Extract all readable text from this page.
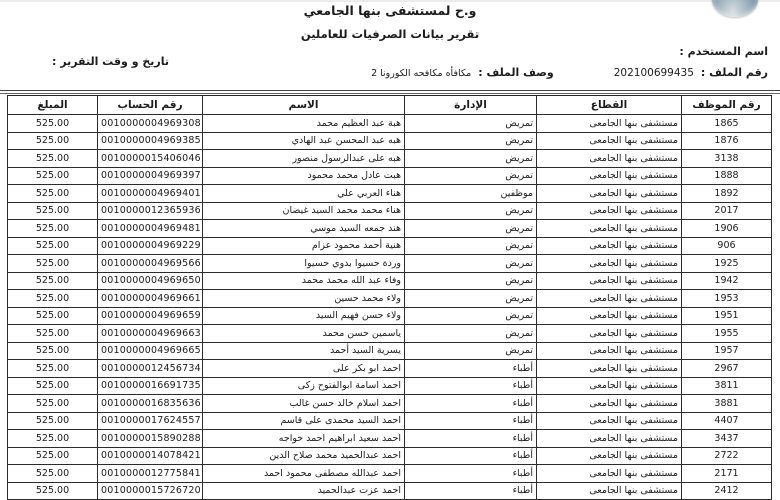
و.ح لمستشفى بنها الجامعي
تقرير بيانات الصرفيات للعاملين
اسم المستخدم :
رقم الملف :
202100699435
وصف الملف :
مكافأه مكافحه الكورونا 2
تاريخ و وقت التقرير :
رقم الموظف	القطاع	الإدارة	الاسم	رقم الحساب	المبلغ
1865	مستشفى بنها الجامعى	تمريض	هبة عبد العظيم محمد	0010000004969308	525.00
1876	مستشفى بنها الجامعى	تمريض	هبه عبد المحسن عبد الهادي	0010000004969385	525.00
3138	مستشفى بنها الجامعى	تمريض	هبه على عبدالرسول منصور	0010000015406046	525.00
1888	مستشفى بنها الجامعى	تمريض	هبت عادل محمد محمود	0010000004969397	525.00
1892	مستشفى بنها الجامعى	موظفين	هناء العربي علي	0010000004969401	525.00
2017	مستشفى بنها الجامعى	تمريض	هناء محمد محمد السيد غيضان	0010000012365936	525.00
1906	مستشفى بنها الجامعى	تمريض	هند جمعه السيد موسي	0010000004969481	525.00
906	مستشفى بنها الجامعى	تمريض	هنية أحمد محمود عزام	0010000004969229	525.00
1925	مستشفى بنها الجامعى	تمريض	وردة حسيوا بدوي حسيوا	0010000004969566	525.00
1942	مستشفى بنها الجامعى	تمريض	وفاء عبد الله محمد محمد	0010000004969650	525.00
1953	مستشفى بنها الجامعى	تمريض	ولاء محمد حسين	0010000004969661	525.00
1951	مستشفى بنها الجامعى	تمريض	ولاء حسن فهيم السيد	0010000004969659	525.00
1955	مستشفى بنها الجامعى	تمريض	ياسمين حسن محمد	0010000004969663	525.00
1957	مستشفى بنها الجامعى	تمريض	يسرية السيد أحمد	0010000004969665	525.00
2967	مستشفى بنها الجامعى	أطباء	احمد ابو بكر على	0010000012456734	525.00
3811	مستشفى بنها الجامعى	أطباء	احمد اسامة ابوالفتوح زكى	0010000016691735	525.00
3881	مستشفى بنها الجامعى	أطباء	احمد اسلام خالد حسن غالب	0010000016835636	525.00
4407	مستشفى بنها الجامعى	أطباء	احمد السيد محمدى على قاسم	0010000017624557	525.00
3437	مستشفى بنها الجامعى	أطباء	احمد سعيد ابراهيم احمد خواجه	0010000015890288	525.00
2722	مستشفى بنها الجامعى	أطباء	احمد عبدالحميد محمد صلاح الدين	0010000014078421	525.00
2171	مستشفى بنها الجامعى	أطباء	احمد عبدالله مصطفى محمود احمد	0010000012775841	525.00
2412	مستشفى بنها الجامعى	أطباء	احمد عزت عبدالحميد	0010000015726720	525.00
